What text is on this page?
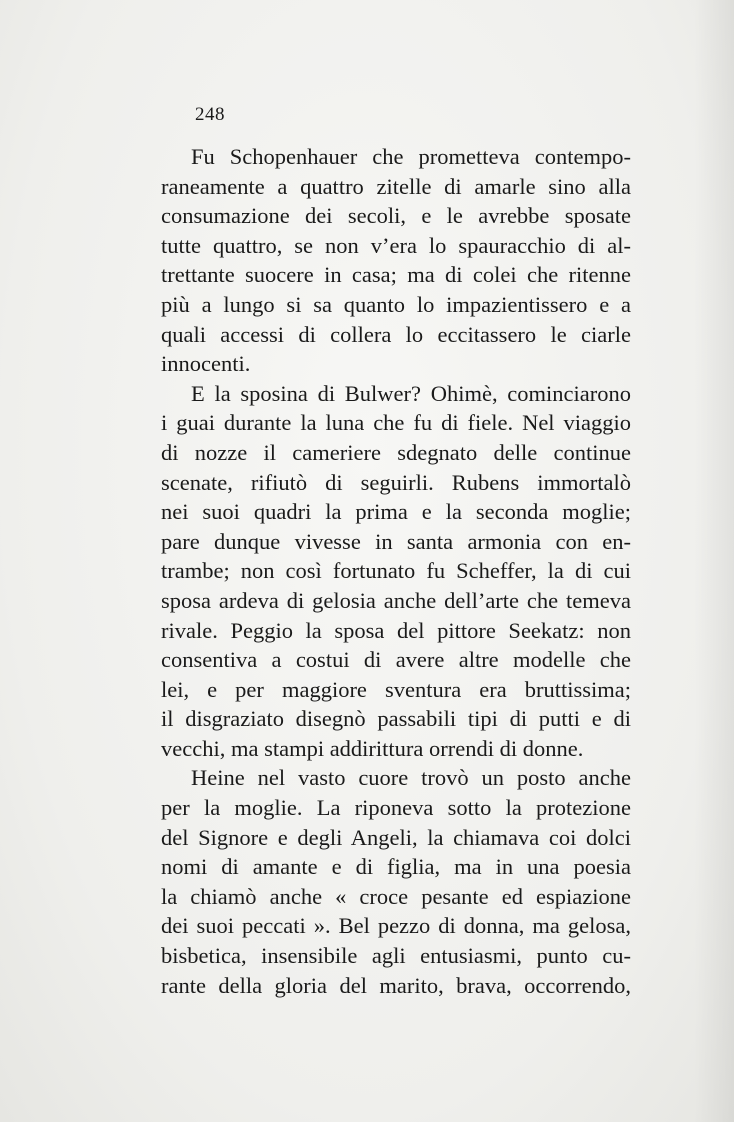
248
Fu Schopenhauer che prometteva contempo-
raneamente a quattro zitelle di amarle sino alla
consumazione dei secoli, e le avrebbe sposate
tutte quattro, se non v’era lo spauracchio di al-
trettante suocere in casa; ma di colei che ritenne
più a lungo si sa quanto lo impazientissero e a
quali accessi di collera lo eccitassero le ciarle
innocenti.
E la sposina di Bulwer? Ohimè, cominciarono
i guai durante la luna che fu di fiele. Nel viaggio
di nozze il cameriere sdegnato delle continue
scenate, rifiutò di seguirli. Rubens immortalò
nei suoi quadri la prima e la seconda moglie;
pare dunque vivesse in santa armonia con en-
trambe; non così fortunato fu Scheffer, la di cui
sposa ardeva di gelosia anche dell’arte che temeva
rivale. Peggio la sposa del pittore Seekatz: non
consentiva a costui di avere altre modelle che
lei, e per maggiore sventura era bruttissima;
il disgraziato disegnò passabili tipi di putti e di
vecchi, ma stampi addirittura orrendi di donne.
Heine nel vasto cuore trovò un posto anche
per la moglie. La riponeva sotto la protezione
del Signore e degli Angeli, la chiamava coi dolci
nomi di amante e di figlia, ma in una poesia
la chiamò anche « croce pesante ed espiazione
dei suoi peccati ». Bel pezzo di donna, ma gelosa,
bisbetica, insensibile agli entusiasmi, punto cu-
rante della gloria del marito, brava, occorrendo,
